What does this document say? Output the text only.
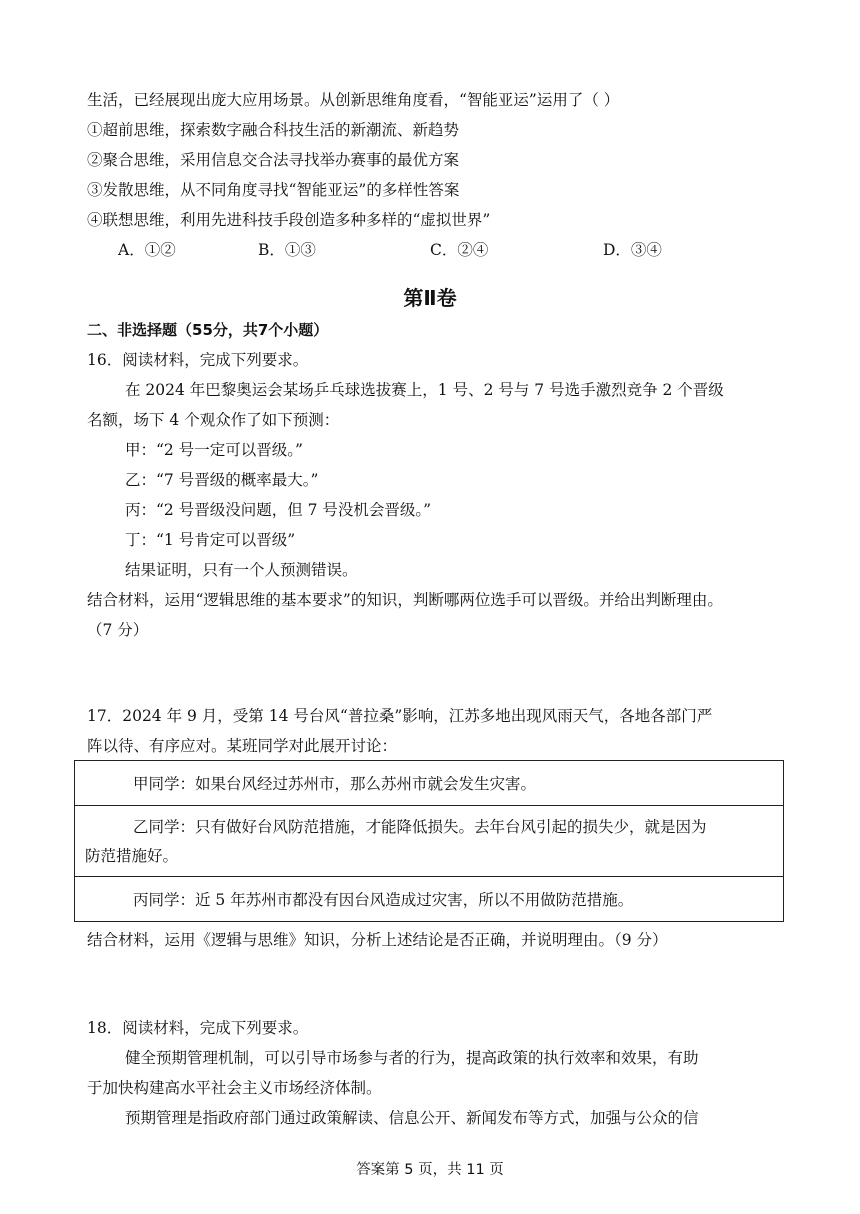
生活，已经展现出庞大应用场景。从创新思维角度看，“智能亚运”运用了（ ）
①超前思维，探索数字融合科技生活的新潮流、新趋势
②聚合思维，采用信息交合法寻找举办赛事的最优方案
③发散思维，从不同角度寻找“智能亚运”的多样性答案
④联想思维，利用先进科技手段创造多种多样的“虚拟世界”
A．①②	B．①③	C．②④	D．③④
第Ⅱ卷
二、非选择题（55分，共7个小题）
16．阅读材料，完成下列要求。
在 2024 年巴黎奥运会某场乒乓球选拔赛上，1 号、2 号与 7 号选手激烈竞争 2 个晋级
名额，场下 4 个观众作了如下预测：
甲：“2 号一定可以晋级。”
乙：“7 号晋级的概率最大。”
丙：“2 号晋级没问题，但 7 号没机会晋级。”
丁：“1 号肯定可以晋级”
结果证明，只有一个人预测错误。
结合材料，运用“逻辑思维的基本要求”的知识，判断哪两位选手可以晋级。并给出判断理由。
（7 分）
17．2024 年 9 月，受第 14 号台风“普拉桑”影响，江苏多地出现风雨天气，各地各部门严
阵以待、有序应对。某班同学对此展开讨论：
甲同学：如果台风经过苏州市，那么苏州市就会发生灾害。
乙同学：只有做好台风防范措施，才能降低损失。去年台风引起的损失少，就是因为
防范措施好。
丙同学：近 5 年苏州市都没有因台风造成过灾害，所以不用做防范措施。
结合材料，运用《逻辑与思维》知识，分析上述结论是否正确，并说明理由。（9 分）
18．阅读材料，完成下列要求。
健全预期管理机制，可以引导市场参与者的行为，提高政策的执行效率和效果，有助
于加快构建高水平社会主义市场经济体制。
预期管理是指政府部门通过政策解读、信息公开、新闻发布等方式，加强与公众的信
答案第 5 页，共 11 页
